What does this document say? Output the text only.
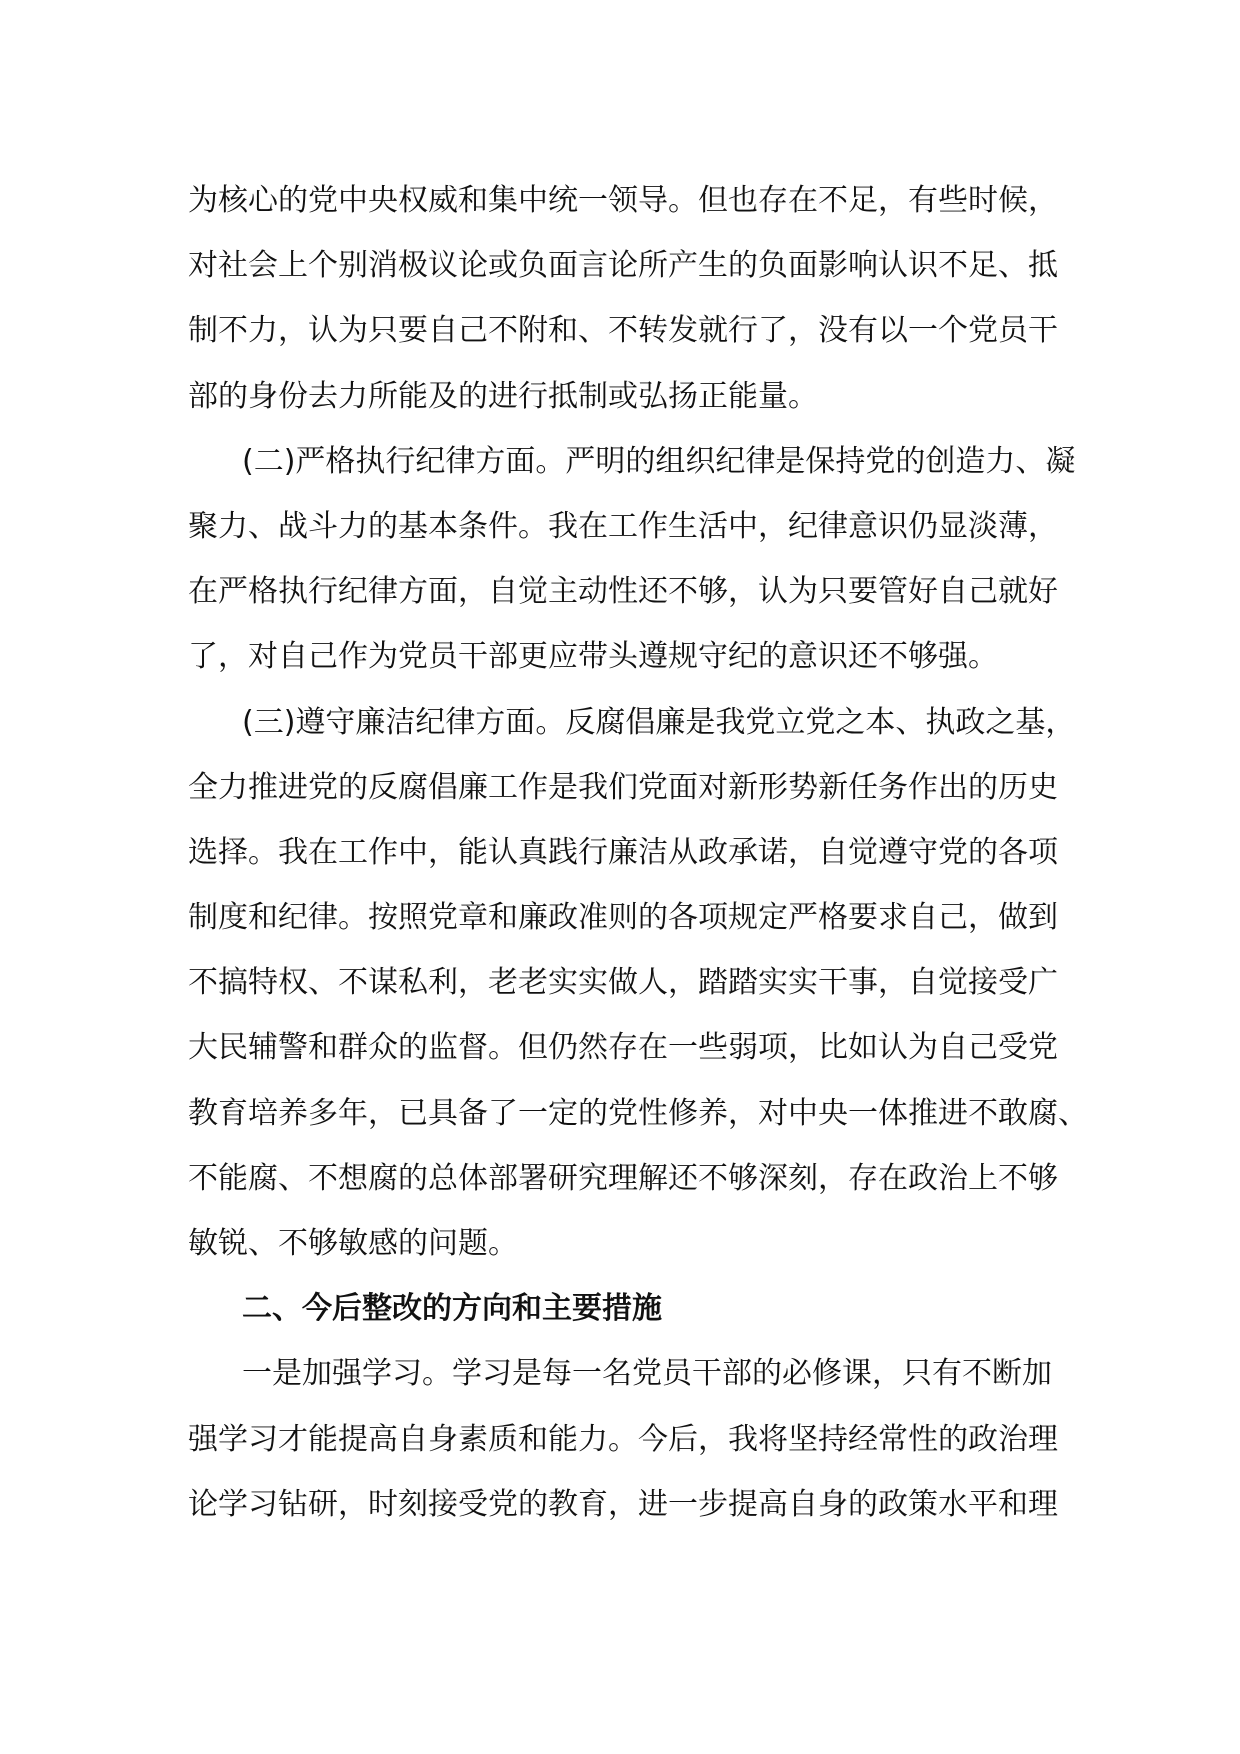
为核心的党中央权威和集中统一领导。但也存在不足，有些时候，
对社会上个别消极议论或负面言论所产生的负面影响认识不足、抵
制不力，认为只要自己不附和、不转发就行了，没有以一个党员干
部的身份去力所能及的进行抵制或弘扬正能量。
(二)严格执行纪律方面。严明的组织纪律是保持党的创造力、凝
聚力、战斗力的基本条件。我在工作生活中，纪律意识仍显淡薄，
在严格执行纪律方面，自觉主动性还不够，认为只要管好自己就好
了，对自己作为党员干部更应带头遵规守纪的意识还不够强。
(三)遵守廉洁纪律方面。反腐倡廉是我党立党之本、执政之基，
全力推进党的反腐倡廉工作是我们党面对新形势新任务作出的历史
选择。我在工作中，能认真践行廉洁从政承诺，自觉遵守党的各项
制度和纪律。按照党章和廉政准则的各项规定严格要求自己，做到
不搞特权、不谋私利，老老实实做人，踏踏实实干事，自觉接受广
大民辅警和群众的监督。但仍然存在一些弱项，比如认为自己受党
教育培养多年，已具备了一定的党性修养，对中央一体推进不敢腐、
不能腐、不想腐的总体部署研究理解还不够深刻，存在政治上不够
敏锐、不够敏感的问题。
二、今后整改的方向和主要措施
一是加强学习。学习是每一名党员干部的必修课，只有不断加
强学习才能提高自身素质和能力。今后，我将坚持经常性的政治理
论学习钻研，时刻接受党的教育，进一步提高自身的政策水平和理
